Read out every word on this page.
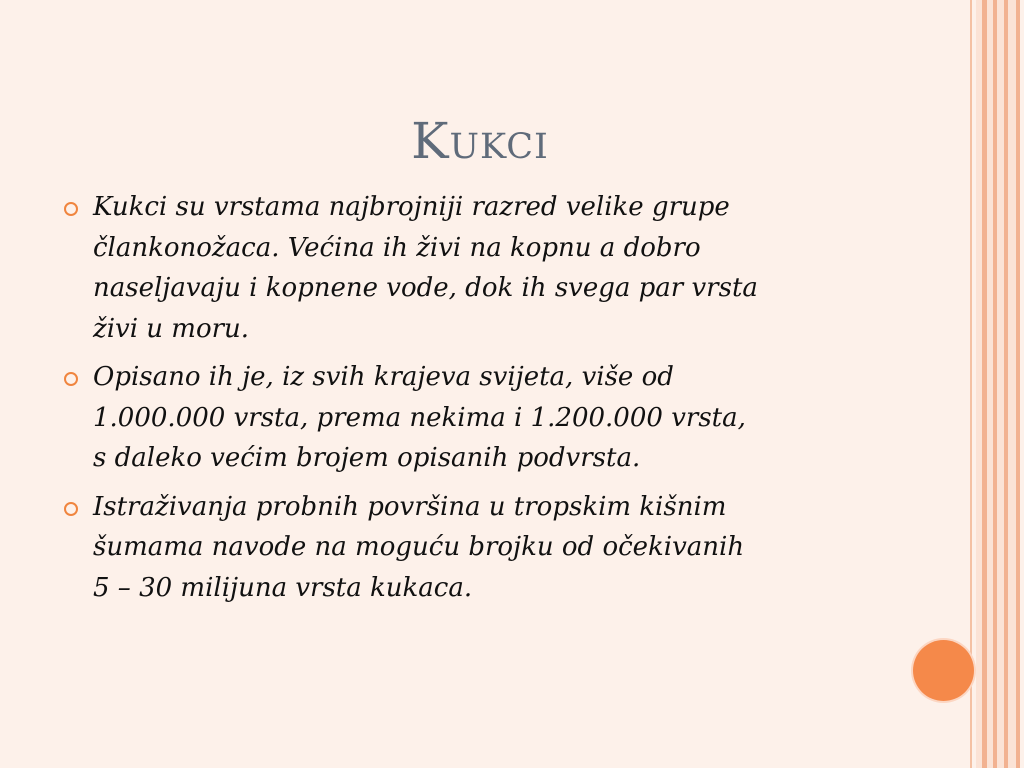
Kukci
Kukci su vrstama najbrojniji razred velike grupe
člankonožaca. Većina ih živi na kopnu a dobro
naseljavaju i kopnene vode, dok ih svega par vrsta
živi u moru.
Opisano ih je, iz svih krajeva svijeta, više od
1.000.000 vrsta, prema nekima i 1.200.000 vrsta,
s daleko većim brojem opisanih podvrsta.
Istraživanja probnih površina u tropskim kišnim
šumama navode na moguću brojku od očekivanih
5 – 30 milijuna vrsta kukaca.
